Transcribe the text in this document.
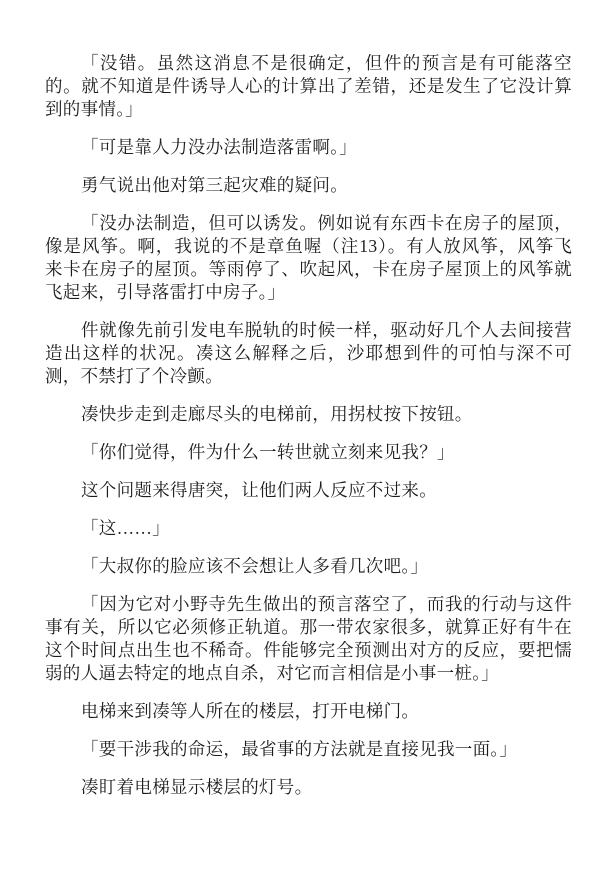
「没错。虽然这消息不是很确定，但件的预言是有可能落空
的。就不知道是件诱导人心的计算出了差错，还是发生了它没计算
到的事情。」
「可是靠人力没办法制造落雷啊。」
勇气说出他对第三起灾难的疑问。
「没办法制造，但可以诱发。例如说有东西卡在房子的屋顶，
像是风筝。啊，我说的不是章鱼喔（注13）。有人放风筝，风筝飞
来卡在房子的屋顶。等雨停了、吹起风，卡在房子屋顶上的风筝就
飞起来，引导落雷打中房子。」
件就像先前引发电车脱轨的时候一样，驱动好几个人去间接营
造出这样的状况。凑这么解释之后，沙耶想到件的可怕与深不可
测，不禁打了个冷颤。
凑快步走到走廊尽头的电梯前，用拐杖按下按钮。
「你们觉得，件为什么一转世就立刻来见我？」
这个问题来得唐突，让他们两人反应不过来。
「这……」
「大叔你的脸应该不会想让人多看几次吧。」
「因为它对小野寺先生做出的预言落空了，而我的行动与这件
事有关，所以它必须修正轨道。那一带农家很多，就算正好有牛在
这个时间点出生也不稀奇。件能够完全预测出对方的反应，要把懦
弱的人逼去特定的地点自杀，对它而言相信是小事一桩。」
电梯来到凑等人所在的楼层，打开电梯门。
「要干涉我的命运，最省事的方法就是直接见我一面。」
凑盯着电梯显示楼层的灯号。
